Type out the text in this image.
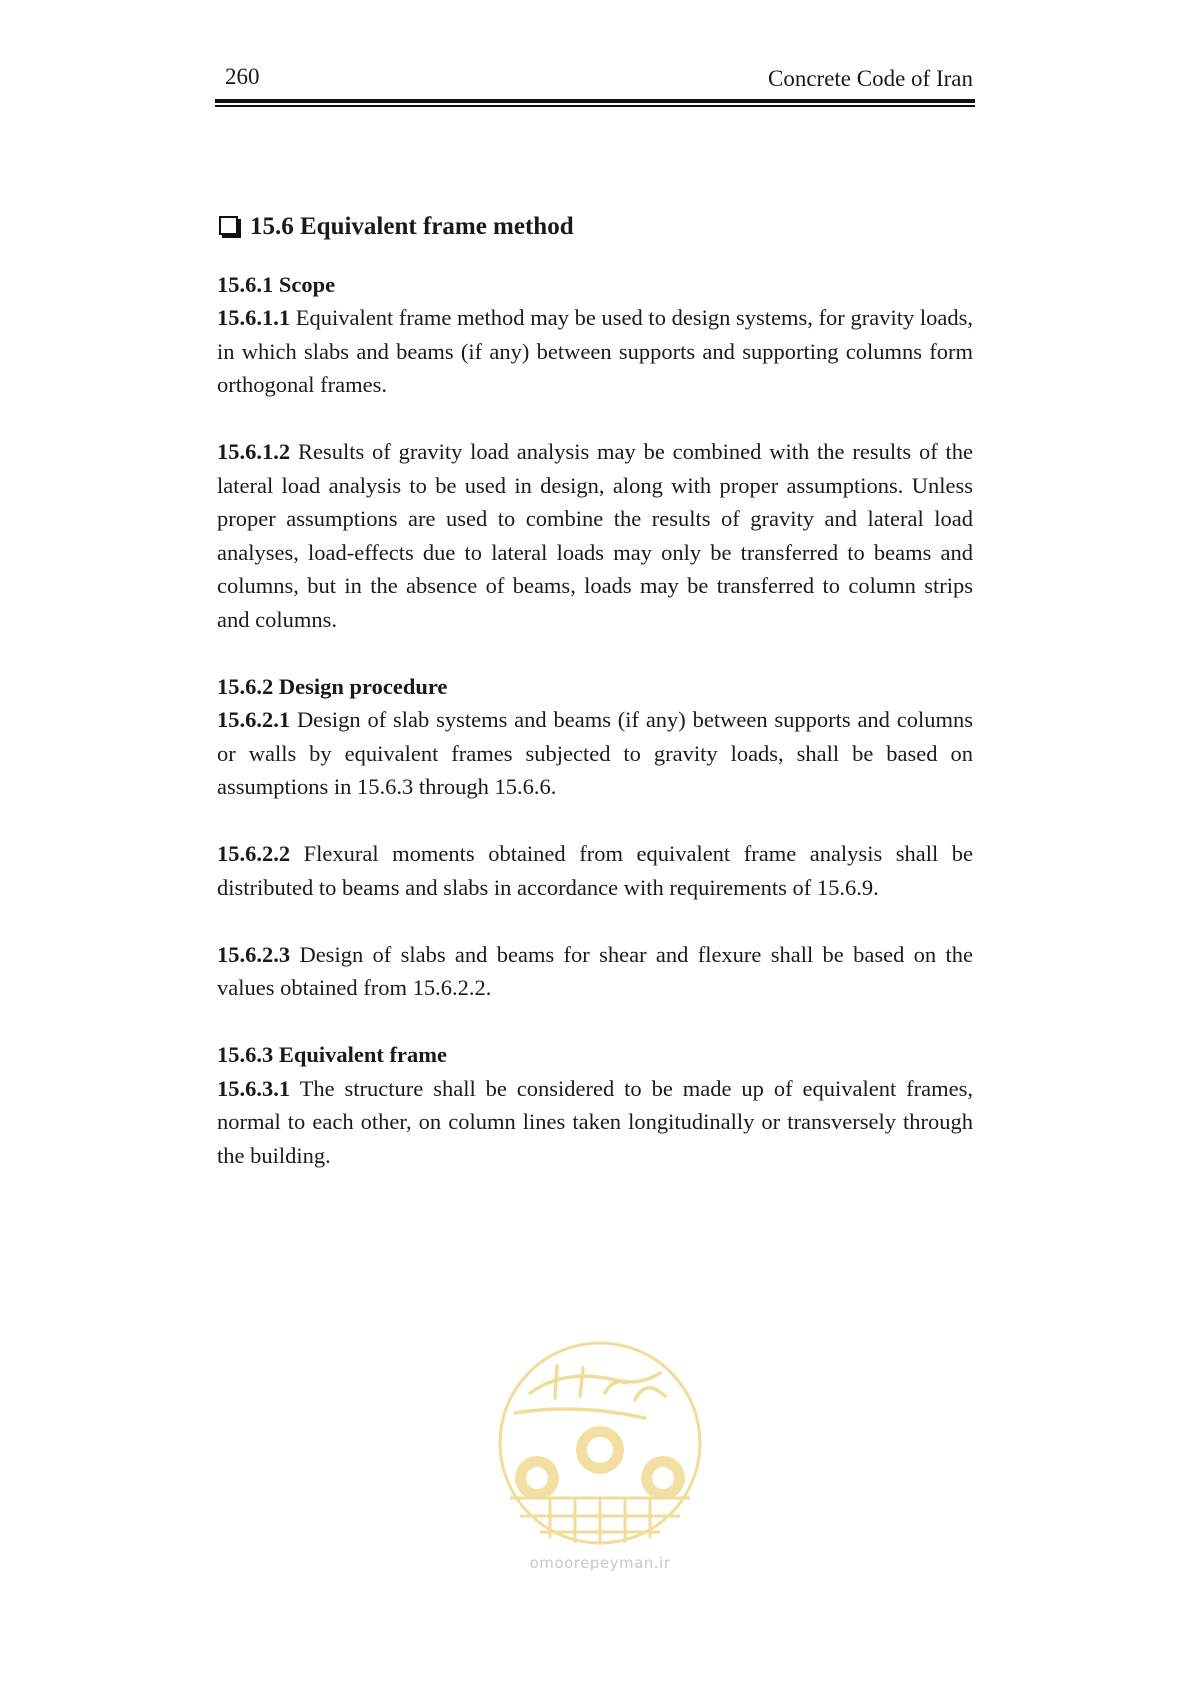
260	Concrete Code of Iran
15.6 Equivalent frame method

15.6.1 Scope

15.6.1.1 Equivalent frame method may be used to design systems, for gravity loads, in which slabs and beams (if any) between supports and supporting columns form orthogonal frames.

15.6.1.2 Results of gravity load analysis may be combined with the results of the lateral load analysis to be used in design, along with proper assumptions. Unless proper assumptions are used to combine the results of gravity and lateral load analyses, load-effects due to lateral loads may only be transferred to beams and columns, but in the absence of beams, loads may be transferred to column strips and columns.

15.6.2 Design procedure

15.6.2.1 Design of slab systems and beams (if any) between supports and columns or walls by equivalent frames subjected to gravity loads, shall be based on assumptions in 15.6.3 through 15.6.6.

15.6.2.2 Flexural moments obtained from equivalent frame analysis shall be distributed to beams and slabs in accordance with requirements of 15.6.9.

15.6.2.3 Design of slabs and beams for shear and flexure shall be based on the values obtained from 15.6.2.2.

15.6.3 Equivalent frame

15.6.3.1 The structure shall be considered to be made up of equivalent frames, normal to each other, on column lines taken longitudinally or transversely through the building.

omoorepeyman.ir
